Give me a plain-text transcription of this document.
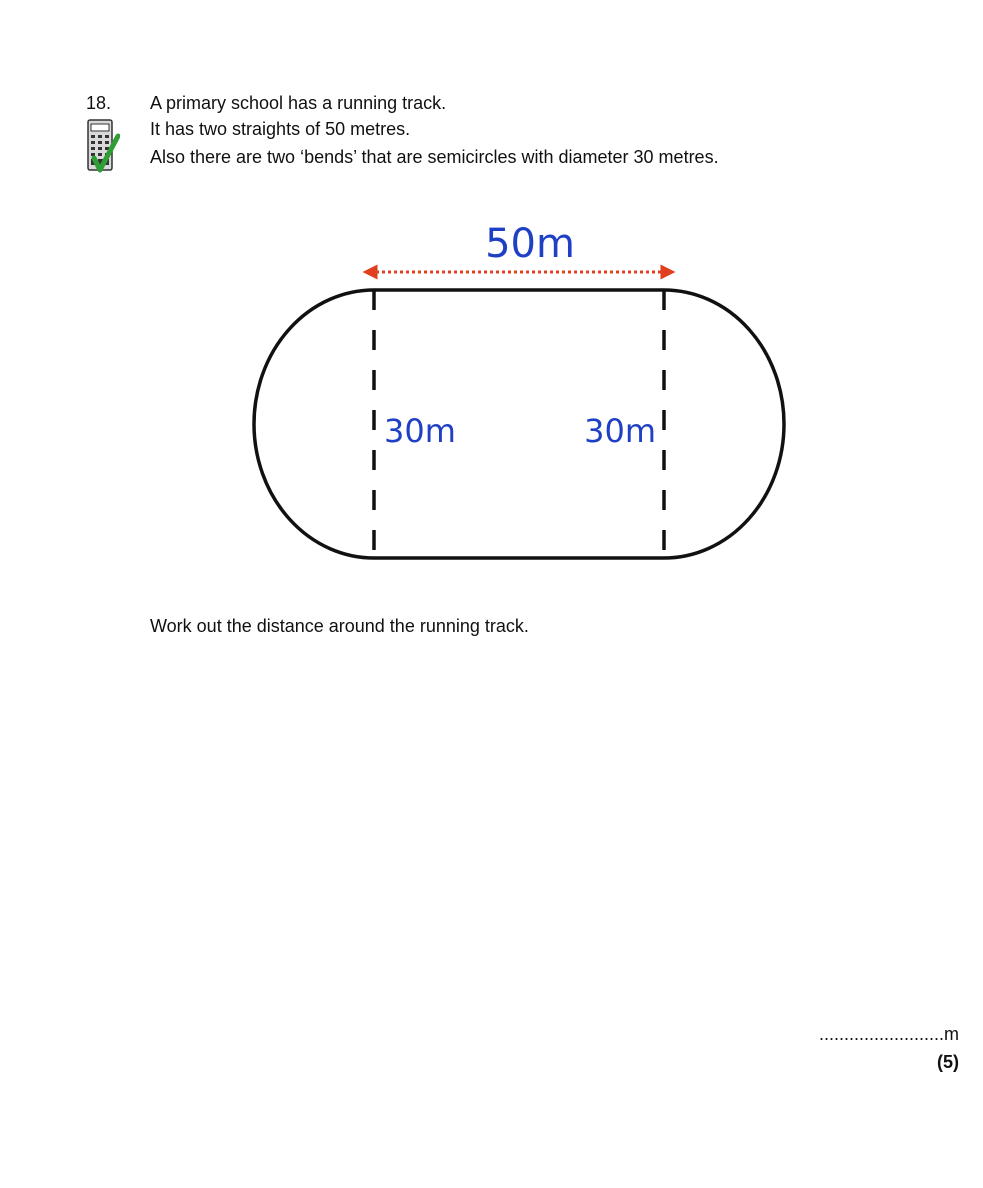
18. A primary school has a running track.
It has two straights of 50 metres.
Also there are two ‘bends’ that are semicircles with diameter 30 metres.
50m
30m	30m
Work out the distance around the running track.
.........................m
(5)
